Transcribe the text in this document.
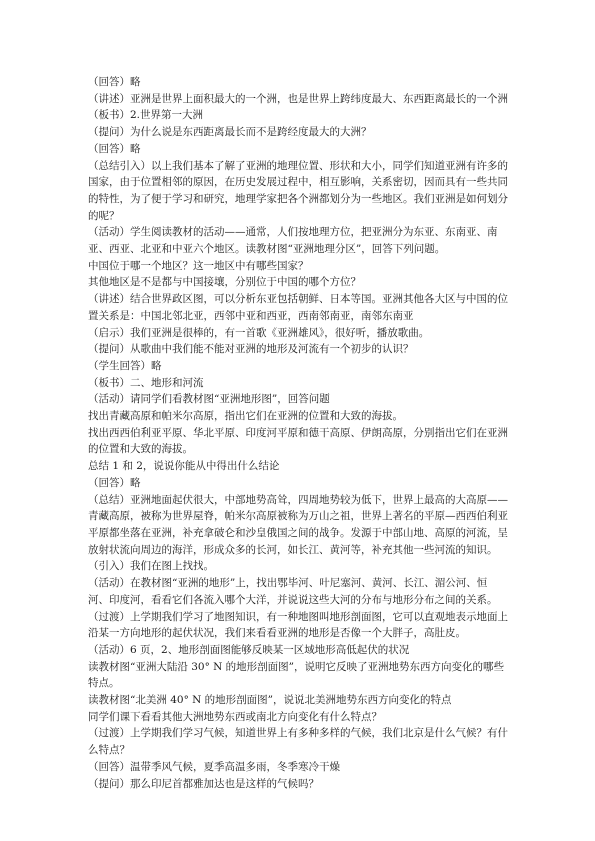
（回答）略

（讲述）亚洲是世界上面积最大的一个洲，也是世界上跨纬度最大、东西距离最长的一个洲

（板书）2.世界第一大洲

（提问）为什么说是东西距离最长而不是跨经度最大的大洲？

（回答）略

（总结引入）以上我们基本了解了亚洲的地理位置、形状和大小，同学们知道亚洲有许多的国家，由于位置相邻的原因，在历史发展过程中，相互影响，关系密切，因而具有一些共同的特性，为了便于学习和研究，地理学家把各个洲都划分为一些地区。我们亚洲是如何划分的呢？

（活动）学生阅读教材的活动——通常，人们按地理方位，把亚洲分为东亚、东南亚、南亚、西亚、北亚和中亚六个地区。读教材图“亚洲地理分区”，回答下列问题。

中国位于哪一个地区？这一地区中有哪些国家？

其他地区是不是都与中国接壤，分别位于中国的哪个方位？

（讲述）结合世界政区图，可以分析东亚包括朝鲜、日本等国。亚洲其他各大区与中国的位置关系是：中国北邻北亚，西邻中亚和西亚，西南邻南亚，南邻东南亚

（启示）我们亚洲是很棒的，有一首歌《亚洲雄风》，很好听，播放歌曲。

（提问）从歌曲中我们能不能对亚洲的地形及河流有一个初步的认识？

（学生回答）略

（板书）二、地形和河流

（活动）请同学们看教材图“亚洲地形图”，回答问题

找出青藏高原和帕米尔高原，指出它们在亚洲的位置和大致的海拔。

找出西西伯利亚平原、华北平原、印度河平原和德干高原、伊朗高原，分别指出它们在亚洲的位置和大致的海拔。

总结 1 和 2，说说你能从中得出什么结论

（回答）略

（总结）亚洲地面起伏很大，中部地势高耸，四周地势较为低下，世界上最高的大高原——青藏高原，被称为世界屋脊，帕米尔高原被称为万山之祖，世界上著名的平原—西西伯利亚平原都坐落在亚洲，补充拿破仑和沙皇俄国之间的战争。发源于中部山地、高原的河流，呈放射状流向周边的海洋，形成众多的长河，如长江、黄河等，补充其他一些河流的知识。（引入）我们在图上找找。

（活动）在教材图“亚洲的地形”上，找出鄂毕河、叶尼塞河、黄河、长江、湄公河、恒河、印度河，看看它们各流入哪个大洋，并说说这些大河的分布与地形分布之间的关系。

（过渡）上学期我们学习了地图知识，有一种地图叫地形剖面图，它可以直观地表示地面上沿某一方向地形的起伏状况，我们来看看亚洲的地形是否像一个大胖子，高肚皮。

（活动）6 页，2、地形剖面图能够反映某一区域地形高低起伏的状况

读教材图“亚洲大陆沿 30° N 的地形剖面图”，说明它反映了亚洲地势东西方向变化的哪些特点。

读教材图“北美洲 40° N 的地形剖面图”，说说北美洲地势东西方向变化的特点

同学们课下看看其他大洲地势东西或南北方向变化有什么特点？

（过渡）上学期我们学习气候，知道世界上有多种多样的气候，我们北京是什么气候？有什么特点？

（回答）温带季风气候，夏季高温多雨，冬季寒冷干燥

（提问）那么印尼首都雅加达也是这样的气候吗？
